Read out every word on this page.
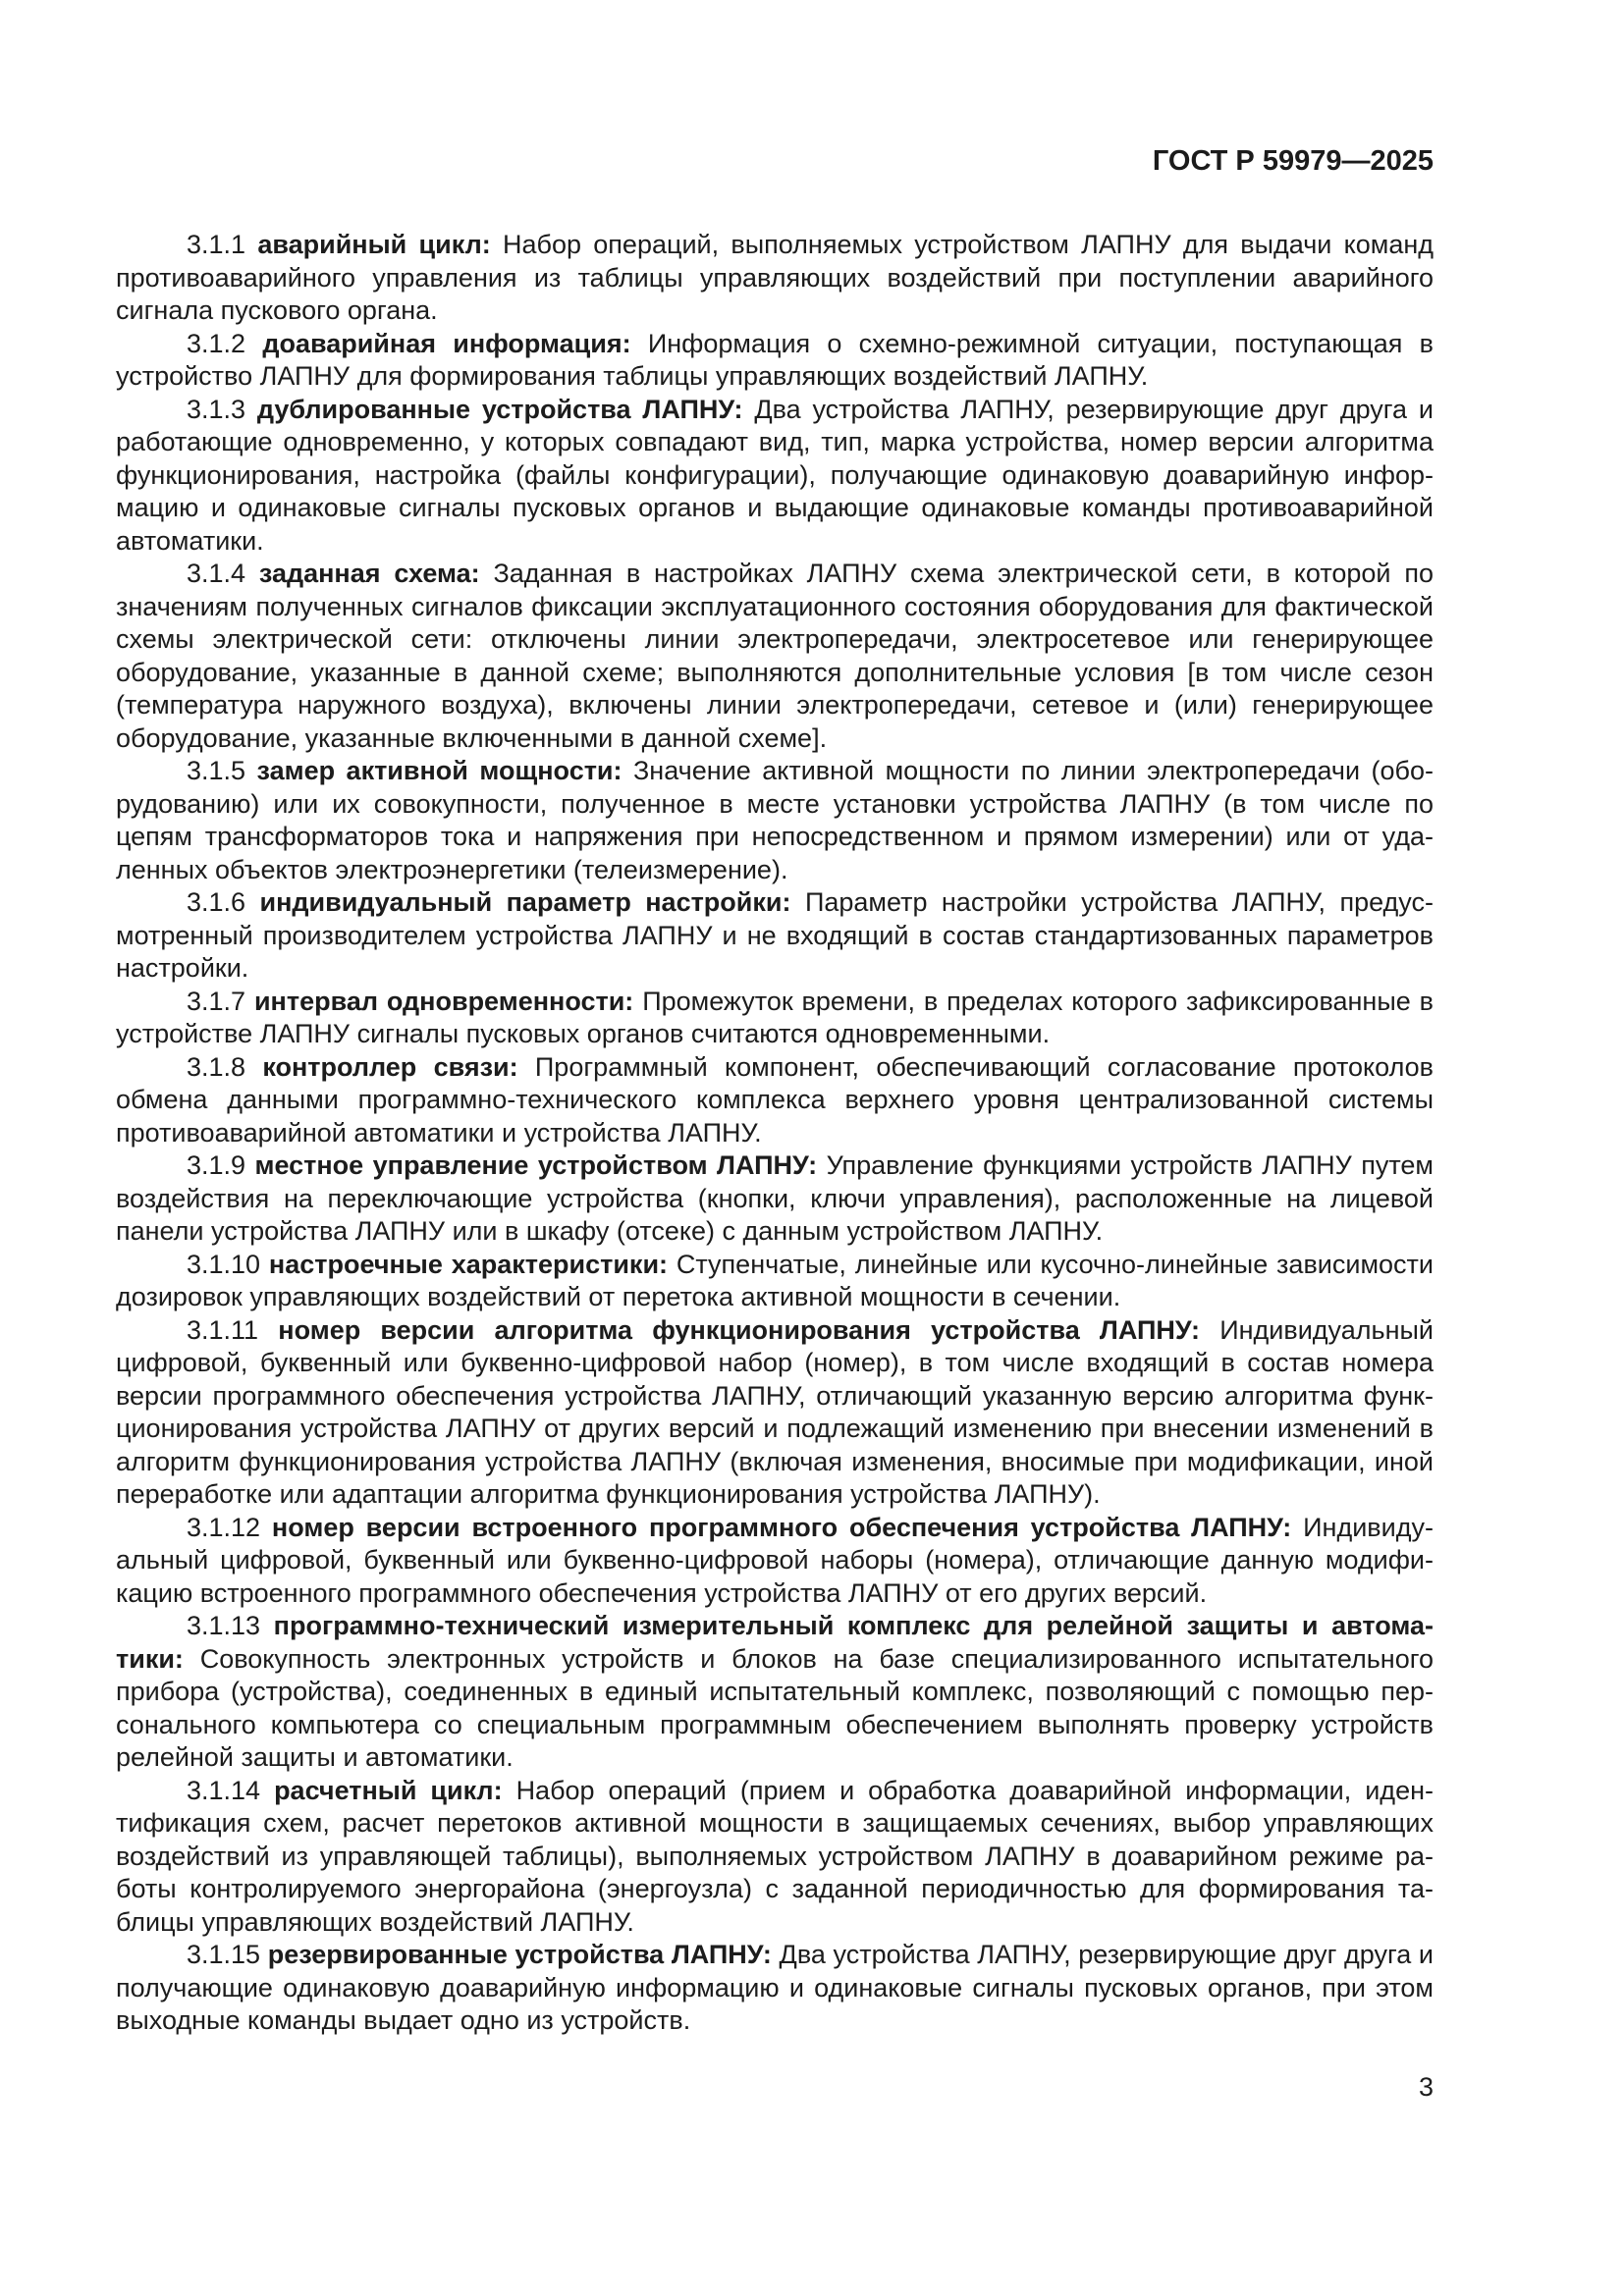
ГОСТ Р 59979—2025

3.1.1 аварийный цикл: Набор операций, выполняемых устройством ЛАПНУ для выдачи команд противоаварийного управления из таблицы управляющих воздействий при поступлении аварийного сигнала пускового органа.

3.1.2 доаварийная информация: Информация о схемно-режимной ситуации, поступающая в устройство ЛАПНУ для формирования таблицы управляющих воздействий ЛАПНУ.

3.1.3 дублированные устройства ЛАПНУ: Два устройства ЛАПНУ, резервирующие друг друга и работающие одновременно, у которых совпадают вид, тип, марка устройства, номер версии алгоритма функционирования, настройка (файлы конфигурации), получающие одинаковую доаварийную информацию и одинаковые сигналы пусковых органов и выдающие одинаковые команды противоаварийной автоматики.

3.1.4 заданная схема: Заданная в настройках ЛАПНУ схема электрической сети, в которой по значениям полученных сигналов фиксации эксплуатационного состояния оборудования для фактической схемы электрической сети: отключены линии электропередачи, электросетевое или генерирующее оборудование, указанные в данной схеме; выполняются дополнительные условия [в том числе сезон (температура наружного воздуха), включены линии электропередачи, сетевое и (или) генерирующее оборудование, указанные включенными в данной схеме].

3.1.5 замер активной мощности: Значение активной мощности по линии электропередачи (оборудованию) или их совокупности, полученное в месте установки устройства ЛАПНУ (в том числе по цепям трансформаторов тока и напряжения при непосредственном и прямом измерении) или от удаленных объектов электроэнергетики (телеизмерение).

3.1.6 индивидуальный параметр настройки: Параметр настройки устройства ЛАПНУ, предусмотренный производителем устройства ЛАПНУ и не входящий в состав стандартизованных параметров настройки.

3.1.7 интервал одновременности: Промежуток времени, в пределах которого зафиксированные в устройстве ЛАПНУ сигналы пусковых органов считаются одновременными.

3.1.8 контроллер связи: Программный компонент, обеспечивающий согласование протоколов обмена данными программно-технического комплекса верхнего уровня централизованной системы противоаварийной автоматики и устройства ЛАПНУ.

3.1.9 местное управление устройством ЛАПНУ: Управление функциями устройств ЛАПНУ путем воздействия на переключающие устройства (кнопки, ключи управления), расположенные на лицевой панели устройства ЛАПНУ или в шкафу (отсеке) с данным устройством ЛАПНУ.

3.1.10 настроечные характеристики: Ступенчатые, линейные или кусочно-линейные зависимости дозировок управляющих воздействий от перетока активной мощности в сечении.

3.1.11 номер версии алгоритма функционирования устройства ЛАПНУ: Индивидуальный цифровой, буквенный или буквенно-цифровой набор (номер), в том числе входящий в состав номера версии программного обеспечения устройства ЛАПНУ, отличающий указанную версию алгоритма функционирования устройства ЛАПНУ от других версий и подлежащий изменению при внесении изменений в алгоритм функционирования устройства ЛАПНУ (включая изменения, вносимые при модификации, иной переработке или адаптации алгоритма функционирования устройства ЛАПНУ).

3.1.12 номер версии встроенного программного обеспечения устройства ЛАПНУ: Индивидуальный цифровой, буквенный или буквенно-цифровой наборы (номера), отличающие данную модификацию встроенного программного обеспечения устройства ЛАПНУ от его других версий.

3.1.13 программно-технический измерительный комплекс для релейной защиты и автоматики: Совокупность электронных устройств и блоков на базе специализированного испытательного прибора (устройства), соединенных в единый испытательный комплекс, позволяющий с помощью персонального компьютера со специальным программным обеспечением выполнять проверку устройств релейной защиты и автоматики.

3.1.14 расчетный цикл: Набор операций (прием и обработка доаварийной информации, идентификация схем, расчет перетоков активной мощности в защищаемых сечениях, выбор управляющих воздействий из управляющей таблицы), выполняемых устройством ЛАПНУ в доаварийном режиме работы контролируемого энергорайона (энергоузла) с заданной периодичностью для формирования таблицы управляющих воздействий ЛАПНУ.

3.1.15 резервированные устройства ЛАПНУ: Два устройства ЛАПНУ, резервирующие друг друга и получающие одинаковую доаварийную информацию и одинаковые сигналы пусковых органов, при этом выходные команды выдает одно из устройств.

3
